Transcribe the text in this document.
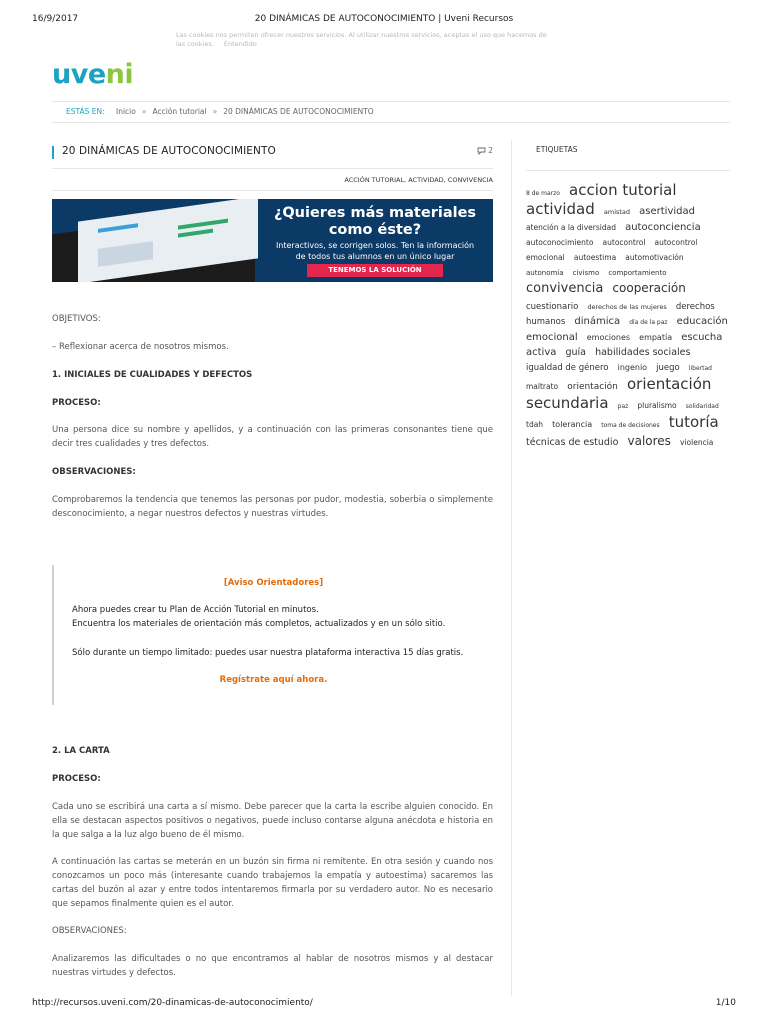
16/9/2017	20 DINÁMICAS DE AUTOCONOCIMIENTO | Uveni Recursos
Las cookies nos permiten ofrecer nuestros servicios. Al utilizar nuestros servicios, aceptas el uso que hacemos de las cookies. Entendido
uveni
ESTÁS EN: Inicio » Acción tutorial » 20 DINÁMICAS DE AUTOCONOCIMIENTO
20 DINÁMICAS DE AUTOCONOCIMIENTO	2
ACCIÓN TUTORIAL, ACTIVIDAD, CONVIVENCIA
¿Quieres más materiales
como éste?
Interactivos, se corrigen solos. Ten la información
de todos tus alumnos en un único lugar
TENEMOS LA SOLUCIÓN

OBJETIVOS:

– Reflexionar acerca de nosotros mismos.

1. INICIALES DE CUALIDADES Y DEFECTOS

PROCESO:

Una persona dice su nombre y apellidos, y a continuación con las primeras consonantes tiene que decir tres cualidades y tres defectos.

OBSERVACIONES:

Comprobaremos la tendencia que tenemos las personas por pudor, modestia, soberbia o simplemente desconocimiento, a negar nuestros defectos y nuestras virtudes.

[Aviso Orientadores]
Ahora puedes crear tu Plan de Acción Tutorial en minutos.
Encuentra los materiales de orientación más completos, actualizados y en un sólo sitio.
Sólo durante un tiempo limitado: puedes usar nuestra plataforma interactiva 15 días gratis.
Regístrate aquí ahora.

2. LA CARTA

PROCESO:

Cada uno se escribirá una carta a sí mismo. Debe parecer que la carta la escribe alguien conocido. En ella se destacan aspectos positivos o negativos, puede incluso contarse alguna anécdota e historia en la que salga a la luz algo bueno de él mismo.

A continuación las cartas se meterán en un buzón sin firma ni remitente. En otra sesión y cuando nos conozcamos un poco más (interesante cuando trabajemos la empatía y autoestima) sacaremos las cartas del buzón al azar y entre todos intentaremos firmarla por su verdadero autor. No es necesario que sepamos finalmente quien es el autor.

OBSERVACIONES:

Analizaremos las dificultades o no que encontramos al hablar de nosotros mismos y al destacar nuestras virtudes y defectos.

ETIQUETAS
8 de marzo accion tutorial actividad amistad asertividad atención a la diversidad autoconciencia autoconocimiento autocontrol autocontrol emocional autoestima automotivación autonomía civismo comportamiento convivencia cooperación cuestionario derechos de las mujeres derechos humanos dinámica día de la paz educación emocional emociones empatía escucha activa guía habilidades sociales igualdad de género ingenio juego libertad maltrato orientación orientación secundaria paz pluralismo solidaridad tdah tolerancia toma de decisiones tutoría técnicas de estudio valores violencia
http://recursos.uveni.com/20-dinamicas-de-autoconocimiento/	1/10
